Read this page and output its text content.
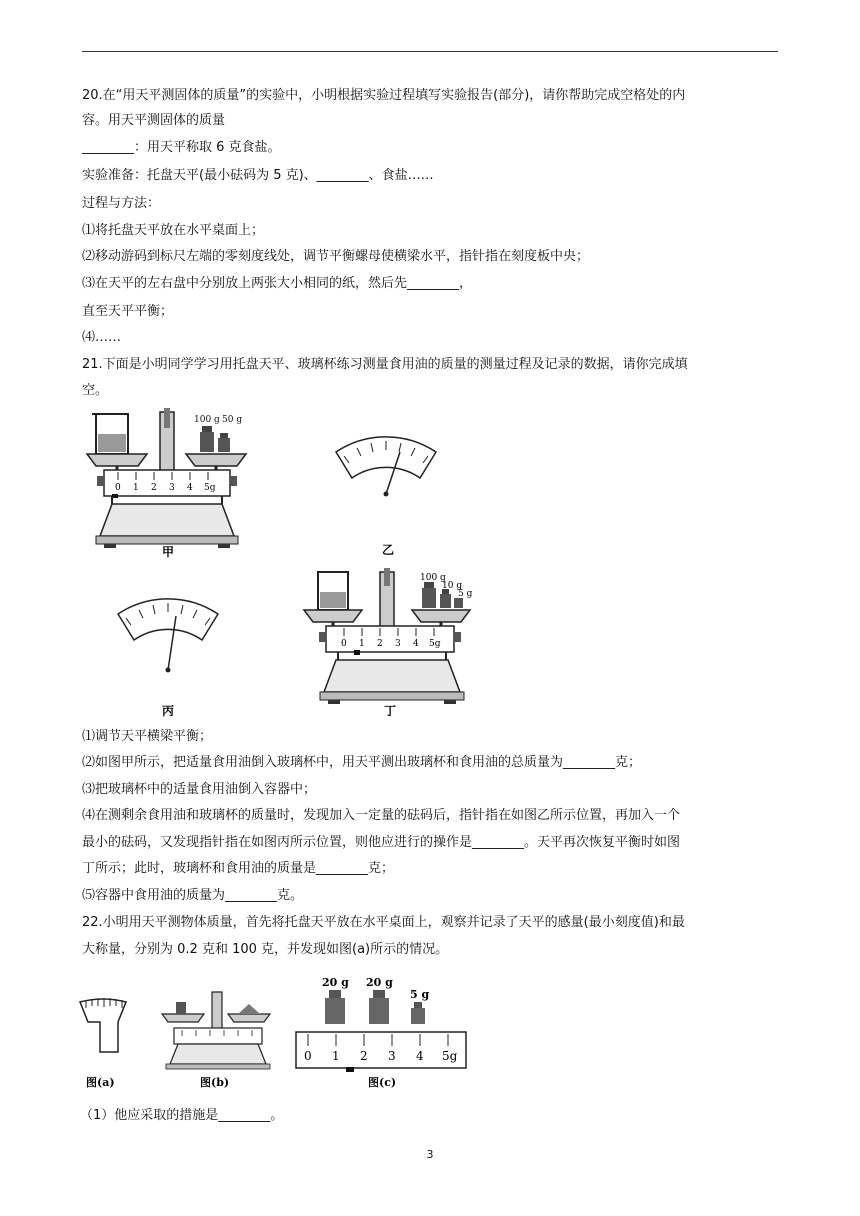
20.在“用天平测固体的质量”的实验中，小明根据实验过程填写实验报告(部分)，请你帮助完成空格处的内
容。用天平测固体的质量
________：用天平称取 6 克食盐。
实验准备：托盘天平(最小砝码为 5 克)、________、食盐……
过程与方法：
⑴将托盘天平放在水平桌面上；
⑵移动游码到标尺左端的零刻度线处，调节平衡螺母使横梁水平，指针指在刻度板中央；
⑶在天平的左右盘中分别放上两张大小相同的纸，然后先________，
直至天平平衡；
⑷……
21.下面是小明同学学习用托盘天平、玻璃杯练习测量食用油的质量的测量过程及记录的数据，请你完成填
空。
100 g 50 g
0 1 2 3 4 5g
甲	乙
丙
100 g
10 g
5 g
0 1 2 3 4 5g
丁
⑴调节天平横梁平衡；
⑵如图甲所示，把适量食用油倒入玻璃杯中，用天平测出玻璃杯和食用油的总质量为________克；
⑶把玻璃杯中的适量食用油倒入容器中；
⑷在测剩余食用油和玻璃杯的质量时，发现加入一定量的砝码后，指针指在如图乙所示位置，再加入一个
最小的砝码，又发现指针指在如图丙所示位置，则他应进行的操作是________。天平再次恢复平衡时如图
丁所示；此时，玻璃杯和食用油的质量是________克；
⑸容器中食用油的质量为________克。
22.小明用天平测物体质量，首先将托盘天平放在水平桌面上，观察并记录了天平的感量(最小刻度值)和最
大称量，分别为 0.2 克和 100 克，并发现如图(a)所示的情况。
图(a)	图(b)
20 g 20 g
5 g
0 1 2 3 4 5g
图(c)
（1）他应采取的措施是________。
3
